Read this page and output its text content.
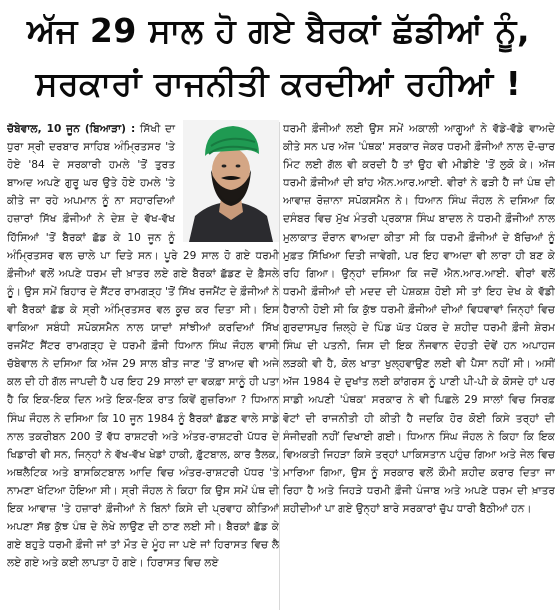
ਅੱਜ 29 ਸਾਲ ਹੋ ਗਏ ਬੈਰਕਾਂ ਛੱਡੀਆਂ ਨੂੰ,
ਸਰਕਾਰਾਂ ਰਾਜਨੀਤੀ ਕਰਦੀਆਂ ਰਹੀਆਂ !

ਚੱਬੇਵਾਲ, 10 ਜੂਨ (ਬਿਆੜਾ) : ਸਿੱਖੀ ਦਾ ਧੁਰਾ ਸ੍ਰੀ ਦਰਬਾਰ ਸਾਹਿਬ ਅੰਮ੍ਰਿਤਸਰ 'ਤੇ ਹੋਏ '84 ਦੇ ਸਰਕਾਰੀ ਹਮਲੇ 'ਤੋਂ ਤੁਰਤ ਬਾਅਦ ਅਪਣੇ ਗੁਰੂ ਘਰ ਉਤੇ ਹੋਏ ਹਮਲੇ 'ਤੇ ਕੀਤੇ ਜਾ ਰਹੇ ਅਪਮਾਨ ਨੂੰ ਨਾ ਸਹਾਰਦਿਆਂ ਹਜ਼ਾਰਾਂ ਸਿੱਖ ਫ਼ੌਜੀਆਂ ਨੇ ਦੇਸ਼ ਦੇ ਵੱਖ-ਵੱਖ ਹਿੱਸਿਆਂ 'ਤੋਂ ਬੈਰਕਾਂ ਛੱਡ ਕੇ 10 ਜੂਨ ਨੂੰ ਅੰਮ੍ਰਿਤਸਰ ਵਲ ਚਾਲੇ ਪਾ ਦਿਤੇ ਸਨ। ਪੂਰੇ 29 ਸਾਲ ਹੋ ਗਏ ਧਰਮੀ ਫ਼ੌਜੀਆਂ ਵਲੋਂ ਅਪਣੇ ਧਰਮ ਦੀ ਖ਼ਾਤਰ ਲਏ ਗਏ ਬੈਰਕਾਂ ਛੱਡਣ ਦੇ ਫ਼ੈਸਲੇ ਨੂੰ। ਉਸ ਸਮੇਂ ਬਿਹਾਰ ਦੇ ਸੈਂਟਰ ਰਾਮਗੜ੍ਹ 'ਤੋਂ ਸਿੱਖ ਰਜਮੈਂਟ ਦੇ ਫ਼ੌਜੀਆਂ ਨੇ ਵੀ ਬੈਰਕਾਂ ਛੱਡ ਕੇ ਸ੍ਰੀ ਅੰਮ੍ਰਿਤਸਰ ਵਲ ਕੂਚ ਕਰ ਦਿਤਾ ਸੀ। ਇਸ ਵਾਕਿਆ ਸਬੰਧੀ ਸਪੋਕਸਮੈਨ ਨਾਲ ਯਾਦਾਂ ਸਾਂਝੀਆਂ ਕਰਦਿਆਂ ਸਿੱਖ ਰਜਮੈਂਟ ਸੈਂਟਰ ਰਾਮਗੜ੍ਹ ਦੇ ਧਰਮੀ ਫ਼ੌਜੀ ਧਿਆਨ ਸਿੰਘ ਜੌਹਲ ਵਾਸੀ ਚੱਬੇਵਾਲ ਨੇ ਦਸਿਆ ਕਿ ਅੱਜ 29 ਸਾਲ ਬੀਤ ਜਾਣ 'ਤੋਂ ਬਾਅਦ ਵੀ ਅਜੇ ਕਲ ਦੀ ਹੀ ਗੱਲ ਜਾਪਦੀ ਹੈ ਪਰ ਇਹ 29 ਸਾਲਾਂ ਦਾ ਵਕਫ਼ਾ ਸਾਨੂੰ ਹੀ ਪਤਾ ਹੈ ਕਿ ਇਕ-ਇਕ ਦਿਨ ਅਤੇ ਇਕ-ਇਕ ਰਾਤ ਕਿਵੇਂ ਗੁਜ਼ਰਿਆ ? ਧਿਆਨ ਸਿੰਘ ਜੌਹਲ ਨੇ ਦਸਿਆ ਕਿ 10 ਜੂਨ 1984 ਨੂੰ ਬੈਰਕਾਂ ਛੱਡਣ ਵਾਲੇ ਸਾਡੇ ਨਾਲ ਤਕਰੀਬਨ 200 ਤੋਂ ਵੱਧ ਰਾਸ਼ਟਰੀ ਅਤੇ ਅੰਤਰ-ਰਾਸ਼ਟਰੀ ਪੱਧਰ ਦੇ ਖਿਡਾਰੀ ਵੀ ਸਨ, ਜਿਨ੍ਹਾਂ ਨੇ ਵੱਖ-ਵੱਖ ਖੇਡਾਂ ਹਾਕੀ, ਫ਼ੁੱਟਬਾਲ, ਕਾਰ ਤੈਲਕ, ਅਥਲੈਟਿਕ ਅਤੇ ਬਾਸਕਿਟਬਾਲ ਆਦਿ ਵਿਚ ਅੰਤਰ-ਰਾਸ਼ਟਰੀ ਪੱਧਰ 'ਤੇ ਨਾਮਣਾ ਖੱਟਿਆ ਹੋਇਆ ਸੀ। ਸ੍ਰੀ ਜੌਹਲ ਨੇ ਕਿਹਾ ਕਿ ਉਸ ਸਮੇਂ ਪੰਥ ਦੀ ਇਕ ਆਵਾਜ਼ 'ਤੇ ਹਜ਼ਾਰਾਂ ਫ਼ੌਜੀਆਂ ਨੇ ਬਿਨਾਂ ਕਿਸੇ ਦੀ ਪ੍ਰਵਾਹ ਕੀਤਿਆਂ ਅਪਣਾ ਸੱਭ ਕੁੱਝ ਪੰਥ ਦੇ ਲੇਖੇ ਲਾਉਣ ਦੀ ਠਾਣ ਲਈ ਸੀ। ਬੈਰਕਾਂ ਛੱਡ ਕੇ ਗਏ ਬਹੁਤੇ ਧਰਮੀ ਫ਼ੌਜੀ ਜਾਂ ਤਾਂ ਮੌਤ ਦੇ ਮੂੰਹ ਜਾ ਪਏ ਜਾਂ ਹਿਰਾਸਤ ਵਿਚ ਲੈ ਲਏ ਗਏ ਅਤੇ ਕਈ ਲਾਪਤਾ ਹੋ ਗਏ। ਹਿਰਾਸਤ ਵਿਚ ਲਏ

ਧਰਮੀ ਫ਼ੌਜੀਆਂ ਲਈ ਉਸ ਸਮੇਂ ਅਕਾਲੀ ਆਗੂਆਂ ਨੇ ਵੱਡੇ-ਵੱਡੇ ਵਾਅਦੇ ਕੀਤੇ ਸਨ ਪਰ ਅੱਜ 'ਪੰਥਕ' ਸਰਕਾਰ ਜੇਕਰ ਧਰਮੀ ਫ਼ੌਜੀਆਂ ਨਾਲ ਦੋ-ਚਾਰ ਮਿੰਟ ਲਈ ਗੱਲ ਵੀ ਕਰਦੀ ਹੈ ਤਾਂ ਉਹ ਵੀ ਮੀਡੀਏ 'ਤੋਂ ਲੁਕੋ ਕੇ। ਅੱਜ ਧਰਮੀ ਫ਼ੌਜੀਆਂ ਦੀ ਬਾਂਹ ਐਨ.ਆਰ.ਆਈ. ਵੀਰਾਂ ਨੇ ਫੜੀ ਹੈ ਜਾਂ ਪੰਥ ਦੀ ਆਵਾਜ਼ ਰੋਜ਼ਾਨਾ ਸਪੋਕਸਮੈਨ ਨੇ। ਧਿਆਨ ਸਿੰਘ ਜੌਹਲ ਨੇ ਦਸਿਆ ਕਿ ਦਸੰਬਰ ਵਿਚ ਮੁੱਖ ਮੰਤਰੀ ਪ੍ਰਕਾਸ਼ ਸਿੰਘ ਬਾਦਲ ਨੇ ਧਰਮੀ ਫ਼ੌਜੀਆਂ ਨਾਲ ਮੁਲਾਕਾਤ ਦੌਰਾਨ ਵਾਅਦਾ ਕੀਤਾ ਸੀ ਕਿ ਧਰਮੀ ਫ਼ੌਜੀਆਂ ਦੇ ਬੱਚਿਆਂ ਨੂੰ ਮੁਫ਼ਤ ਸਿੱਖਿਆ ਦਿਤੀ ਜਾਵੇਗੀ, ਪਰ ਇਹ ਵਾਅਦਾ ਵੀ ਲਾਰਾ ਹੀ ਬਣ ਕੇ ਰਹਿ ਗਿਆ। ਉਨ੍ਹਾਂ ਦਸਿਆ ਕਿ ਜਦੋਂ ਐਨ.ਆਰ.ਆਈ. ਵੀਰਾਂ ਵਲੋਂ ਧਰਮੀ ਫ਼ੌਜੀਆਂ ਦੀ ਮਦਦ ਦੀ ਪੇਸ਼ਕਸ਼ ਹੋਈ ਸੀ ਤਾਂ ਇਹ ਦੇਖ ਕੇ ਵੱਡੀ ਹੈਰਾਨੀ ਹੋਈ ਸੀ ਕਿ ਕੁੱਝ ਧਰਮੀ ਫ਼ੌਜੀਆਂ ਦੀਆਂ ਵਿਧਵਾਵਾਂ ਜਿਨ੍ਹਾਂ ਵਿਚ ਗੁਰਦਾਸਪੁਰ ਜ਼ਿਲ੍ਹੇ ਦੇ ਪਿੰਡ ਘੱਤ ਪੱਕਰ ਦੇ ਸ਼ਹੀਦ ਧਰਮੀ ਫ਼ੌਜੀ ਸ਼ੇਰਮ ਸਿੰਘ ਦੀ ਪਤਨੀ, ਜਿਸ ਦੀ ਇਕ ਨੌਜਵਾਨ ਦੋਹਤੀ ਦੋਵੇਂ ਹਨ ਅਪਾਹਜ ਲੜਕੀ ਵੀ ਹੈ, ਕੋਲ ਖਾਤਾ ਖੁਲ੍ਹਵਾਉਣ ਲਈ ਵੀ ਪੈਸਾ ਨਹੀਂ ਸੀ। ਅਸੀਂ ਅੱਜ 1984 ਦੇ ਦੁਖਾਂਤ ਲਈ ਕਾਂਗਰਸ ਨੂੰ ਪਾਣੀ ਪੀ-ਪੀ ਕੇ ਕੋਸਦੇ ਹਾਂ ਪਰ ਸਾਡੀ ਅਪਣੀ 'ਪੰਥਕ' ਸਰਕਾਰ ਨੇ ਵੀ ਪਿਛਲੇ 29 ਸਾਲਾਂ ਵਿਚ ਸਿਰਫ਼ ਵੋਟਾਂ ਦੀ ਰਾਜਨੀਤੀ ਹੀ ਕੀਤੀ ਹੈ ਜਦਕਿ ਹੋਰ ਕੋਈ ਕਿਸੇ ਤਰ੍ਹਾਂ ਦੀ ਸੰਜੀਦਗੀ ਨਹੀਂ ਦਿਖਾਈ ਗਈ। ਧਿਆਨ ਸਿੰਘ ਜੌਹਲ ਨੇ ਕਿਹਾ ਕਿ ਇਕ ਵਿਅਕਤੀ ਜਿਹੜਾ ਕਿਸੇ ਤਰ੍ਹਾਂ ਪਾਕਿਸਤਾਨ ਪਹੁੰਚ ਗਿਆ ਅਤੇ ਜੇਲ ਵਿਚ ਮਾਰਿਆ ਗਿਆ, ਉਸ ਨੂੰ ਸਰਕਾਰ ਵਲੋਂ ਕੌਮੀ ਸ਼ਹੀਦ ਕਰਾਰ ਦਿਤਾ ਜਾ ਰਿਹਾ ਹੈ ਅਤੇ ਜਿਹੜੇ ਧਰਮੀ ਫ਼ੌਜੀ ਪੰਜਾਬ ਅਤੇ ਅਪਣੇ ਧਰਮ ਦੀ ਖ਼ਾਤਰ ਸ਼ਹੀਦੀਆਂ ਪਾ ਗਏ ਉਨ੍ਹਾਂ ਬਾਰੇ ਸਰਕਾਰਾਂ ਚੁੱਪ ਧਾਰੀ ਬੈਠੀਆਂ ਹਨ।
